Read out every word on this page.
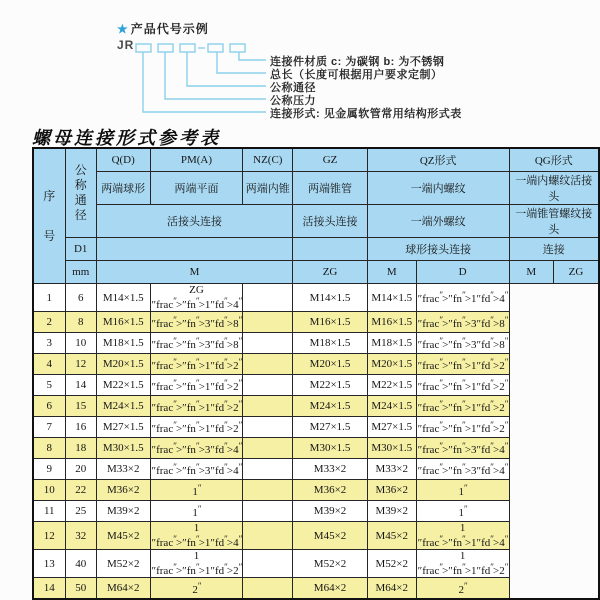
★ 产品代号示例
JR
连接件材质 c: 为碳钢 b: 为不锈钢
总长（长度可根据用户要求定制）
公称通径
公称压力
连接形式: 见金属软管常用结构形式表
螺母连接形式参考表
序号	公称通径	Q(D)	PM(A)	NZ(C)	GZ	QZ形式		QG形式	
		两端球形	两端平面	两端内锥	两端锥管	一端内螺纹		一端内螺纹活接头	
		活接头连接			活接头连接	一端外螺纹		一端锥管螺纹接头	
	D1					球形接头连接		连接	
	mm	M			ZG	M	D	M	ZG
1	6	M14×1.5	ZG ″frac″>″fn″>1″fd″>4″		M14×1.5	M14×1.5	″frac″>″fn″>1″fd″>4″
2	8	M16×1.5	″frac″>″fn″>3″fd″>8″		M16×1.5	M16×1.5	″frac″>″fn″>3″fd″>8″
3	10	M18×1.5	″frac″>″fn″>3″fd″>8″		M18×1.5	M18×1.5	″frac″>″fn″>3″fd″>8″
4	12	M20×1.5	″frac″>″fn″>1″fd″>2″		M20×1.5	M20×1.5	″frac″>″fn″>1″fd″>2″
5	14	M22×1.5	″frac″>″fn″>1″fd″>2″		M22×1.5	M22×1.5	″frac″>″fn″>1″fd″>2″
6	15	M24×1.5	″frac″>″fn″>1″fd″>2″		M24×1.5	M24×1.5	″frac″>″fn″>1″fd″>2″
7	16	M27×1.5	″frac″>″fn″>1″fd″>2″		M27×1.5	M27×1.5	″frac″>″fn″>1″fd″>2″
8	18	M30×1.5	″frac″>″fn″>3″fd″>4″		M30×1.5	M30×1.5	″frac″>″fn″>3″fd″>4″
9	20	M33×2	″frac″>″fn″>3″fd″>4″		M33×2	M33×2	″frac″>″fn″>3″fd″>4″
10	22	M36×2	1″		M36×2	M36×2	1″
11	25	M39×2	1″		M39×2	M39×2	1″
12	32	M45×2	1 ″frac″>″fn″>1″fd″>4″		M45×2	M45×2	1 ″frac″>″fn″>1″fd″>4″
13	40	M52×2	1 ″frac″>″fn″>1″fd″>2″		M52×2	M52×2	1 ″frac″>″fn″>1″fd″>2″
14	50	M64×2	2″		M64×2	M64×2	2″
